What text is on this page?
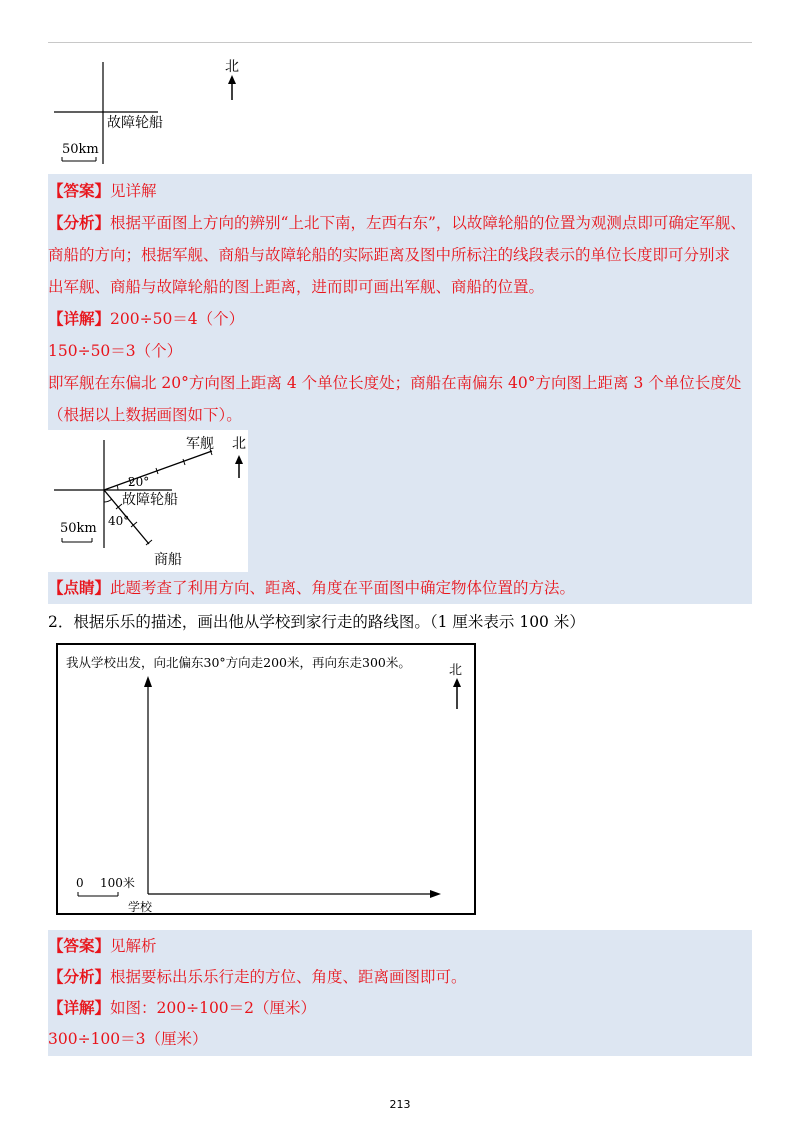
故障轮船
50km
北
【答案】见详解
【分析】根据平面图上方向的辨别“上北下南，左西右东”，以故障轮船的位置为观测点即可确定军舰、
商船的方向；根据军舰、商船与故障轮船的实际距离及图中所标注的线段表示的单位长度即可分别求
出军舰、商船与故障轮船的图上距离，进而即可画出军舰、商船的位置。
【详解】200÷50＝4（个）
150÷50＝3（个）
即军舰在东偏北 20°方向图上距离 4 个单位长度处；商船在南偏东 40°方向图上距离 3 个单位长度处
（根据以上数据画图如下）。
军舰
20°
故障轮船
40°
50km
商船
北
【点睛】此题考查了利用方向、距离、角度在平面图中确定物体位置的方法。
2．根据乐乐的描述，画出他从学校到家行走的路线图。（1 厘米表示 100 米）
我从学校出发，向北偏东30°方向走200米，再向东走300米。
北
0 100米
学校
【答案】见解析
【分析】根据要标出乐乐行走的方位、角度、距离画图即可。
【详解】如图：200÷100＝2（厘米）
300÷100＝3（厘米）
213
